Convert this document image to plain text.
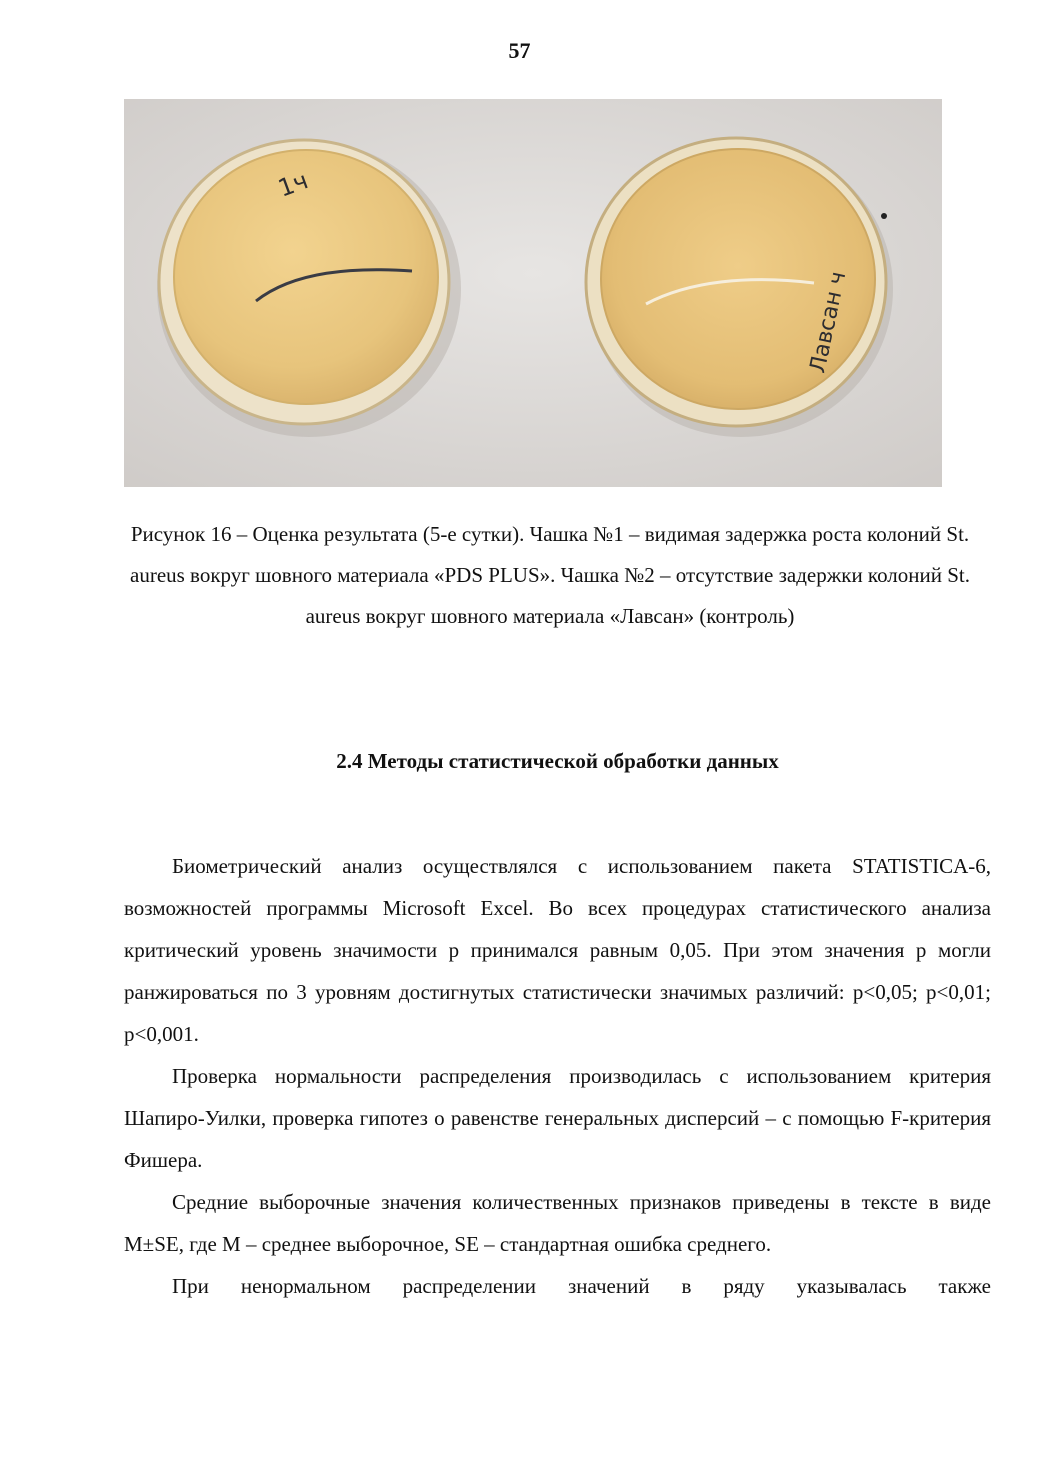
57
1ч
Лавсан ч
Рисунок 16 – Оценка результата (5-е сутки). Чашка №1 – видимая задержка роста колоний St. aureus вокруг шовного материала «PDS PLUS». Чашка №2 – отсутствие задержки колоний St. aureus вокруг шовного материала «Лавсан» (контроль)
2.4 Методы статистической обработки данных

Биометрический анализ осуществлялся с использованием пакета STATISTICA-6, возможностей программы Microsoft Excel. Во всех процедурах статистического анализа критический уровень значимости p принимался равным 0,05. При этом значения p могли ранжироваться по 3 уровням достигнутых статистически значимых различий: p<0,05; p<0,01; p<0,001.

Проверка нормальности распределения производилась с использованием критерия Шапиро-Уилки, проверка гипотез о равенстве генеральных дисперсий – с помощью F-критерия Фишера.

Средние выборочные значения количественных признаков приведены в тексте в виде M±SE, где M – среднее выборочное, SE – стандартная ошибка среднего.

При ненормальном распределении значений в ряду указывалась также
